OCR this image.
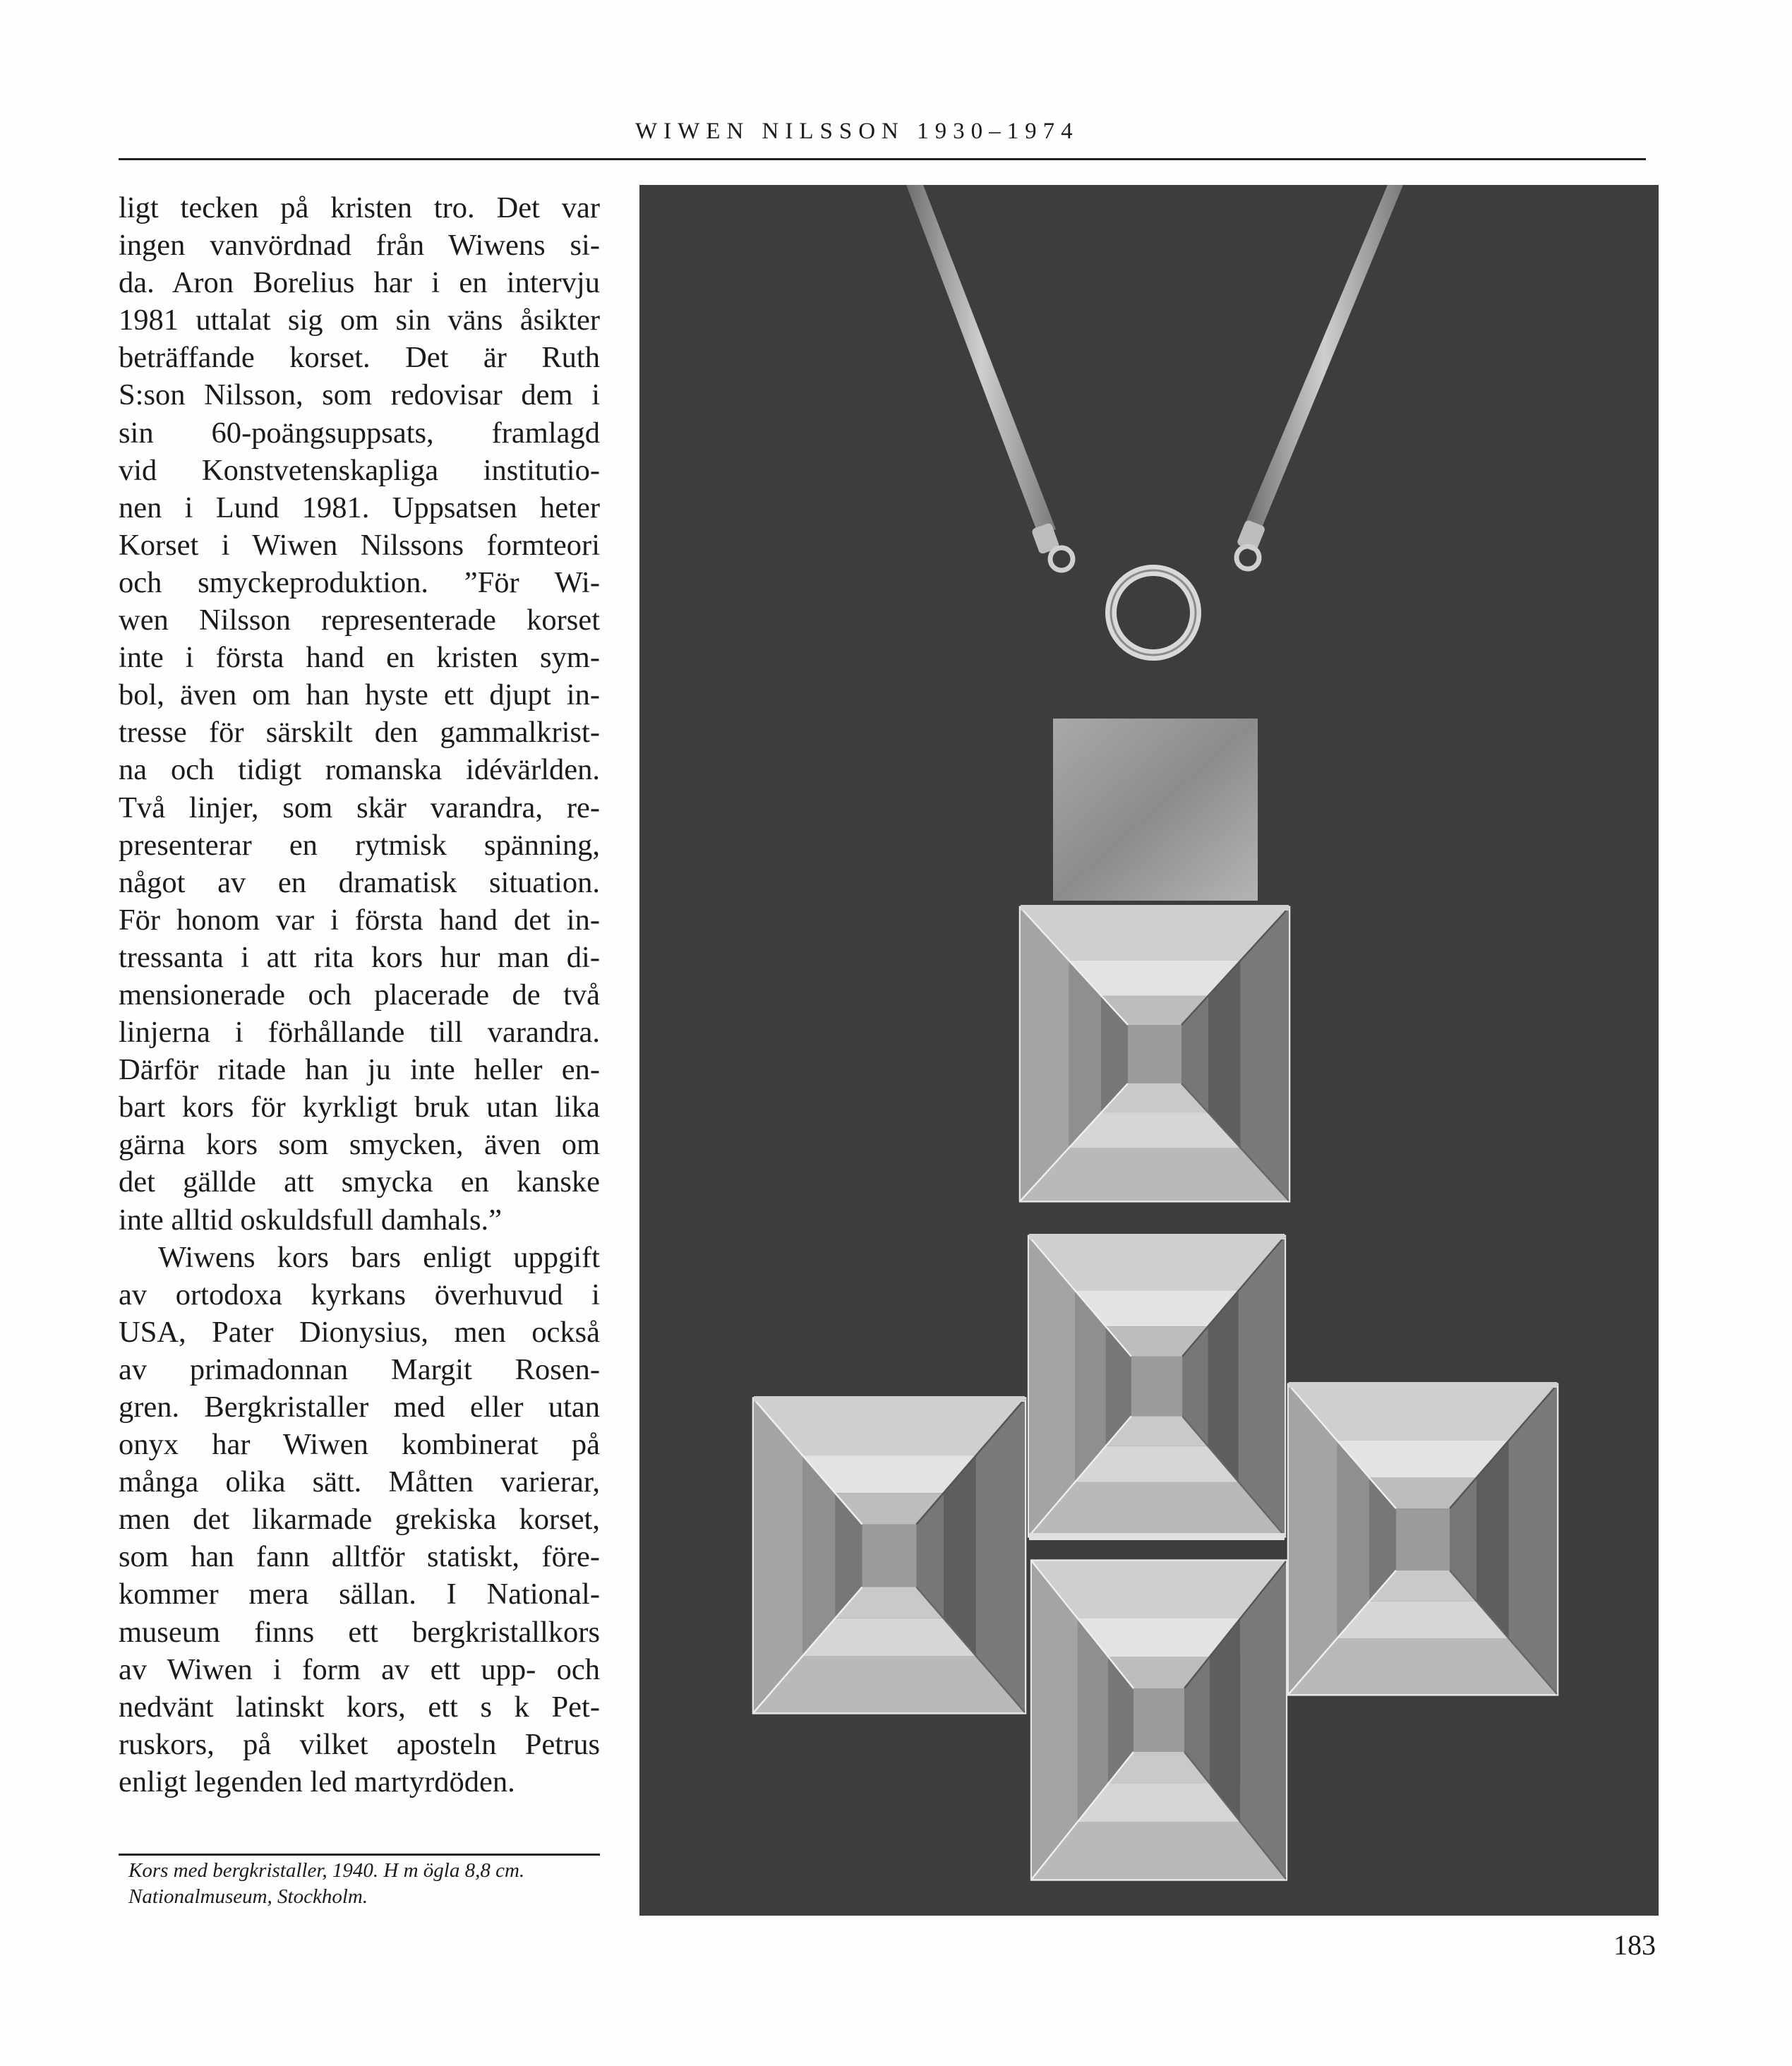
WIWEN NILSSON 1930–1974
ligt tecken på kristen tro. Det var
ingen vanvördnad från Wiwens si-
da. Aron Borelius har i en intervju
1981 uttalat sig om sin väns åsikter
beträffande korset. Det är Ruth
S:son Nilsson, som redovisar dem i
sin 60-poängsuppsats, framlagd
vid Konstvetenskapliga institutio-
nen i Lund 1981. Uppsatsen heter
Korset i Wiwen Nilssons formteori
och smyckeproduktion. ”För Wi-
wen Nilsson representerade korset
inte i första hand en kristen sym-
bol, även om han hyste ett djupt in-
tresse för särskilt den gammalkrist-
na och tidigt romanska idévärlden.
Två linjer, som skär varandra, re-
presenterar en rytmisk spänning,
något av en dramatisk situation.
För honom var i första hand det in-
tressanta i att rita kors hur man di-
mensionerade och placerade de två
linjerna i förhållande till varandra.
Därför ritade han ju inte heller en-
bart kors för kyrkligt bruk utan lika
gärna kors som smycken, även om
det gällde att smycka en kanske
inte alltid oskuldsfull damhals.”
Wiwens kors bars enligt uppgift
av ortodoxa kyrkans överhuvud i
USA, Pater Dionysius, men också
av primadonnan Margit Rosen-
gren. Bergkristaller med eller utan
onyx har Wiwen kombinerat på
många olika sätt. Måtten varierar,
men det likarmade grekiska korset,
som han fann alltför statiskt, före-
kommer mera sällan. I National-
museum finns ett bergkristallkors
av Wiwen i form av ett upp- och
nedvänt latinskt kors, ett s k Pet-
ruskors, på vilket aposteln Petrus
enligt legenden led martyrdöden.
Kors med bergkristaller, 1940. H m ögla 8,8 cm.
Nationalmuseum, Stockholm.
183
